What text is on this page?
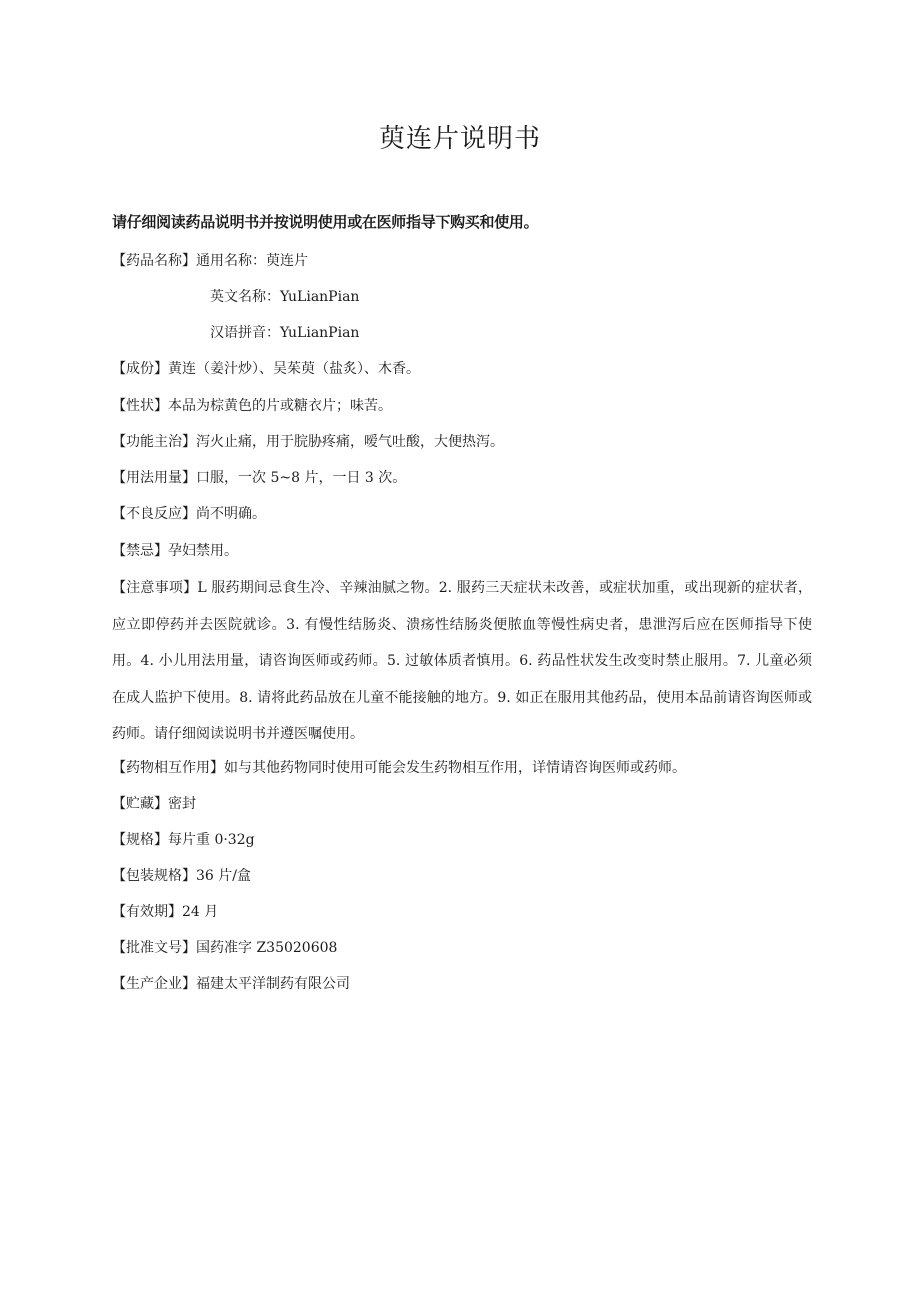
萸连片说明书
请仔细阅读药品说明书并按说明使用或在医师指导下购买和使用。
【药品名称】通用名称：萸连片
英文名称：YuLianPian
汉语拼音：YuLianPian
【成份】黄连（姜汁炒）、吴茱萸（盐炙）、木香。
【性状】本品为棕黄色的片或糖衣片；味苦。
【功能主治】泻火止痛，用于脘胁疼痛，嗳气吐酸，大便热泻。
【用法用量】口服，一次 5~8 片，一日 3 次。
【不良反应】尚不明确。
【禁忌】孕妇禁用。
【注意事项】L 服药期间忌食生冷、辛辣油腻之物。2. 服药三天症状未改善，或症状加重，或出现新的症状者，应立即停药并去医院就诊。3. 有慢性结肠炎、溃疡性结肠炎便脓血等慢性病史者，患泄泻后应在医师指导下使用。4. 小儿用法用量，请咨询医师或药师。5. 过敏体质者慎用。6. 药品性状发生改变时禁止服用。7. 儿童必须在成人监护下使用。8. 请将此药品放在儿童不能接触的地方。9. 如正在服用其他药品，使用本品前请咨询医师或药师。请仔细阅读说明书并遵医嘱使用。
【药物相互作用】如与其他药物同时使用可能会发生药物相互作用，详情请咨询医师或药师。
【贮藏】密封
【规格】每片重 0·32g
【包装规格】36 片/盒
【有效期】24 月
【批准文号】国药准字 Z35020608
【生产企业】福建太平洋制药有限公司
